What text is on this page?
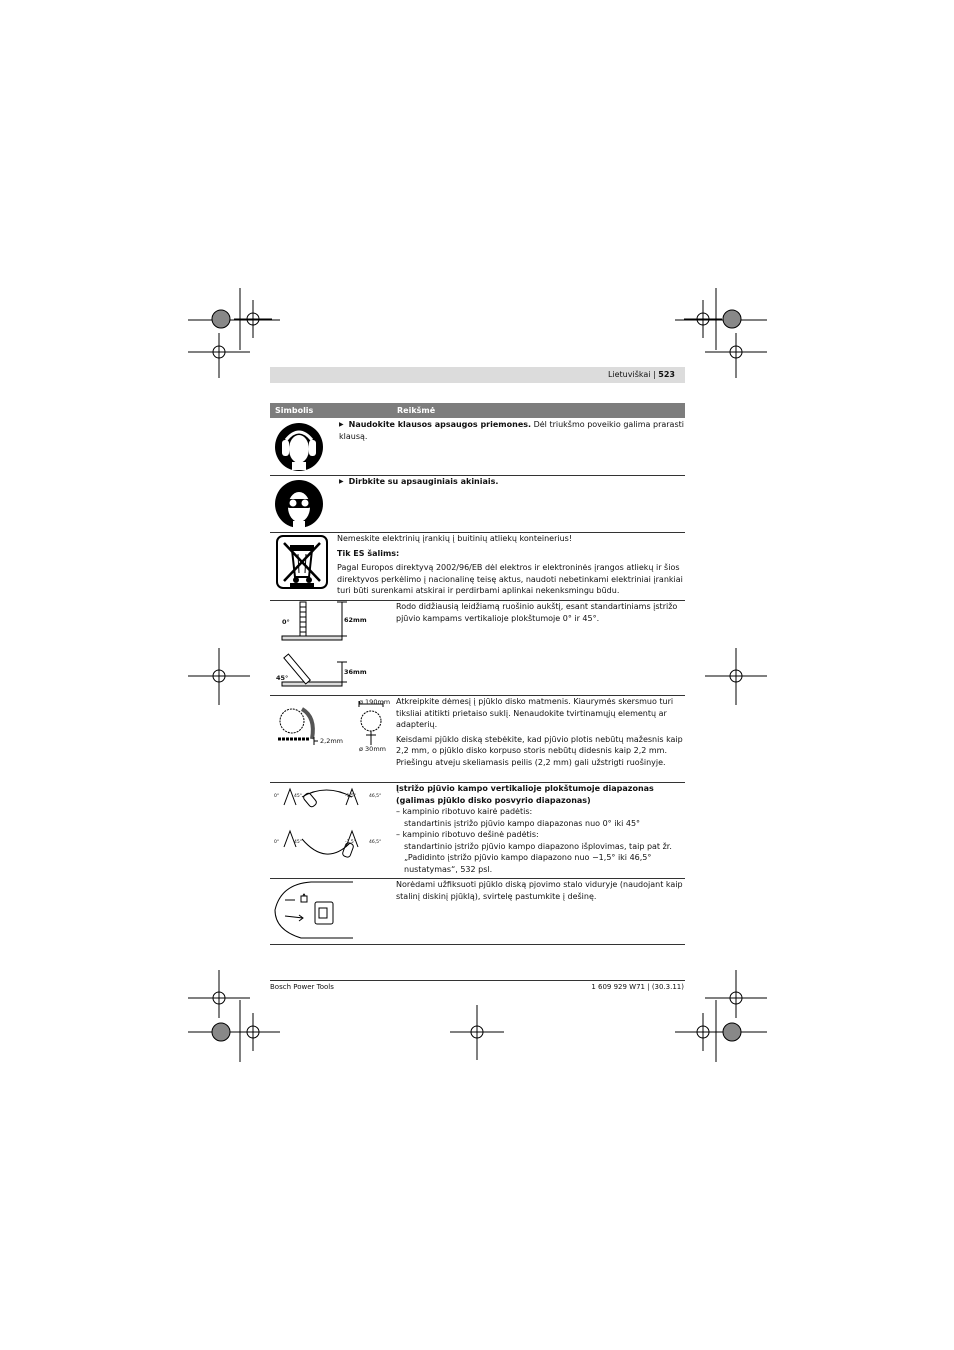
Lietuviškai | 523
Simbolis	Reikšmė
▶ Naudokite klausos apsaugos priemones. Dėl triukšmo poveikio galima prarasti klausą.
▶ Dirbkite su apsauginiais akiniais.

Nemeskite elektrinių įrankių į buitinių atliekų konteinerius!

Tik ES šalims:

Pagal Europos direktyvą 2002/96/EB dėl elektros ir elektroninės įrangos atliekų ir šios direktyvos perkėlimo į nacionalinę teisę aktus, naudoti nebetinkami elektriniai įrankiai turi būti surenkami atskirai ir perdirbami aplinkai nekenksmingu būdu.

0°	62mm
45°
36mm
Rodo didžiausią leidžiamą ruošinio aukštį, esant standartiniams įstrižo pjūvio kampams vertikalioje plokštumoje 0° ir 45°.
ø 190mm
2,2mm
ø 30mm

Atkreipkite dėmesį į pjūklo disko matmenis. Kiaurymės skersmuo turi tiksliai atitikti prietaiso suklį. Nenaudokite tvirtinamųjų elementų ar adapterių.

Keisdami pjūklo diską stebėkite, kad pjūvio plotis nebūtų mažesnis kaip 2,2 mm, o pjūklo disko korpuso storis nebūtų didesnis kaip 2,2 mm. Priešingu atveju skeliamasis peilis (2,2 mm) gali užstrigti ruošinyje.

0°	45°	-1,5°	46,5°
0°	45°	-1,5°	46,5°
Įstrižo pjūvio kampo vertikalioje plokštumoje diapazonas (galimas pjūklo disko posvyrio diapazonas)
– kampinio ribotuvo kairė padėtis:
standartinis įstrižo pjūvio kampo diapazonas nuo 0° iki 45°
– kampinio ribotuvo dešinė padėtis:
standartinio įstrižo pjūvio kampo diapazono išplovimas, taip pat žr. „Padidinto įstrižo pjūvio kampo diapazono nuo −1,5° iki 46,5° nustatymas“, 532 psl.
Norėdami užfiksuoti pjūklo diską pjovimo stalo viduryje (naudojant kaip stalinį diskinį pjūklą), svirtelę pastumkite į dešinę.
Bosch Power Tools	1 609 929 W71 | (30.3.11)
